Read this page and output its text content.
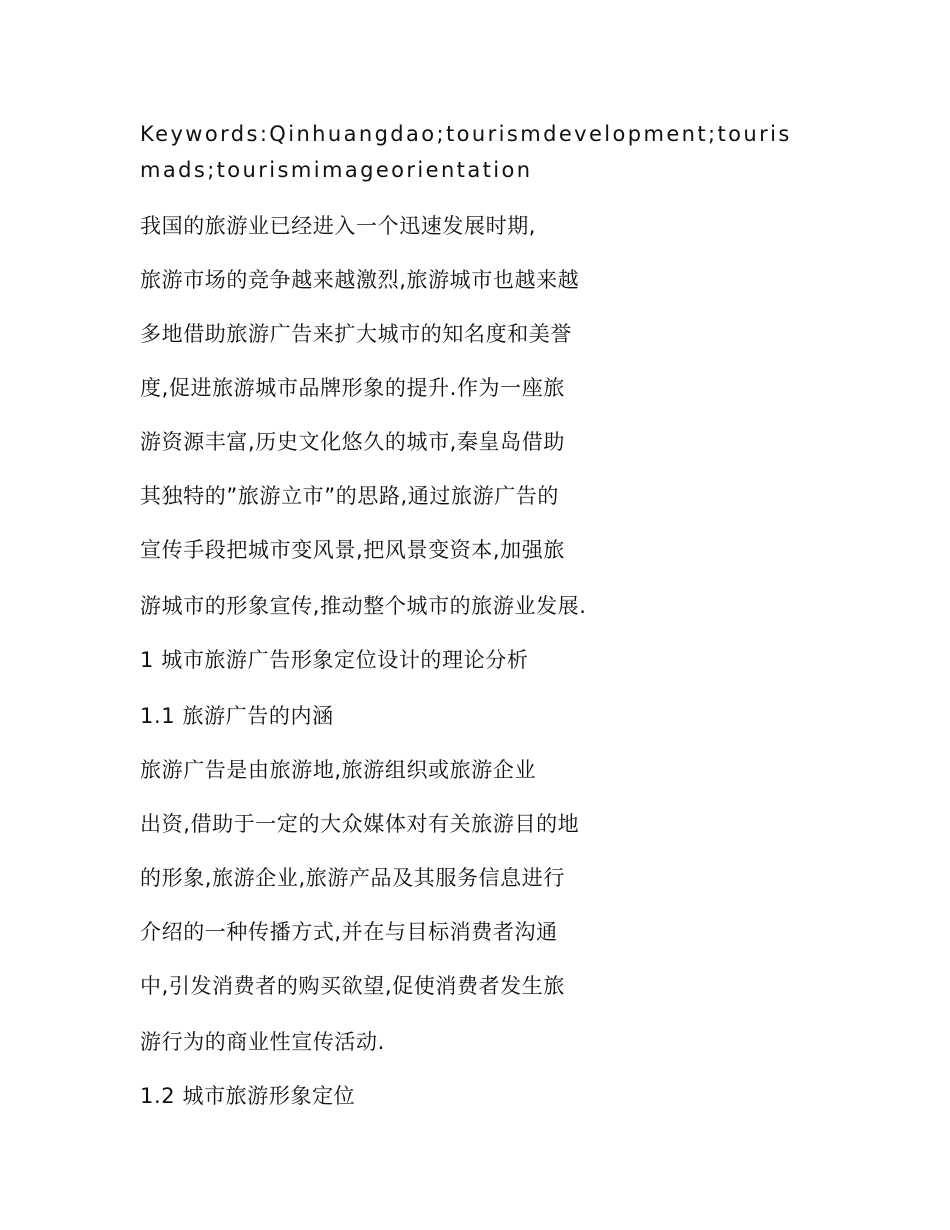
Keywords:Qinhuangdao;tourismdevelopment;touris
mads;tourismimageorientation
我国的旅游业已经进入一个迅速发展时期,
旅游市场的竞争越来越激烈,旅游城市也越来越
多地借助旅游广告来扩大城市的知名度和美誉
度,促进旅游城市品牌形象的提升.作为一座旅
游资源丰富,历史文化悠久的城市,秦皇岛借助
其独特的”旅游立市”的思路,通过旅游广告的
宣传手段把城市变风景,把风景变资本,加强旅
游城市的形象宣传,推动整个城市的旅游业发展.
1 城市旅游广告形象定位设计的理论分析
1.1 旅游广告的内涵
旅游广告是由旅游地,旅游组织或旅游企业
出资,借助于一定的大众媒体对有关旅游目的地
的形象,旅游企业,旅游产品及其服务信息进行
介绍的一种传播方式,并在与目标消费者沟通
中,引发消费者的购买欲望,促使消费者发生旅
游行为的商业性宣传活动.
1.2 城市旅游形象定位
